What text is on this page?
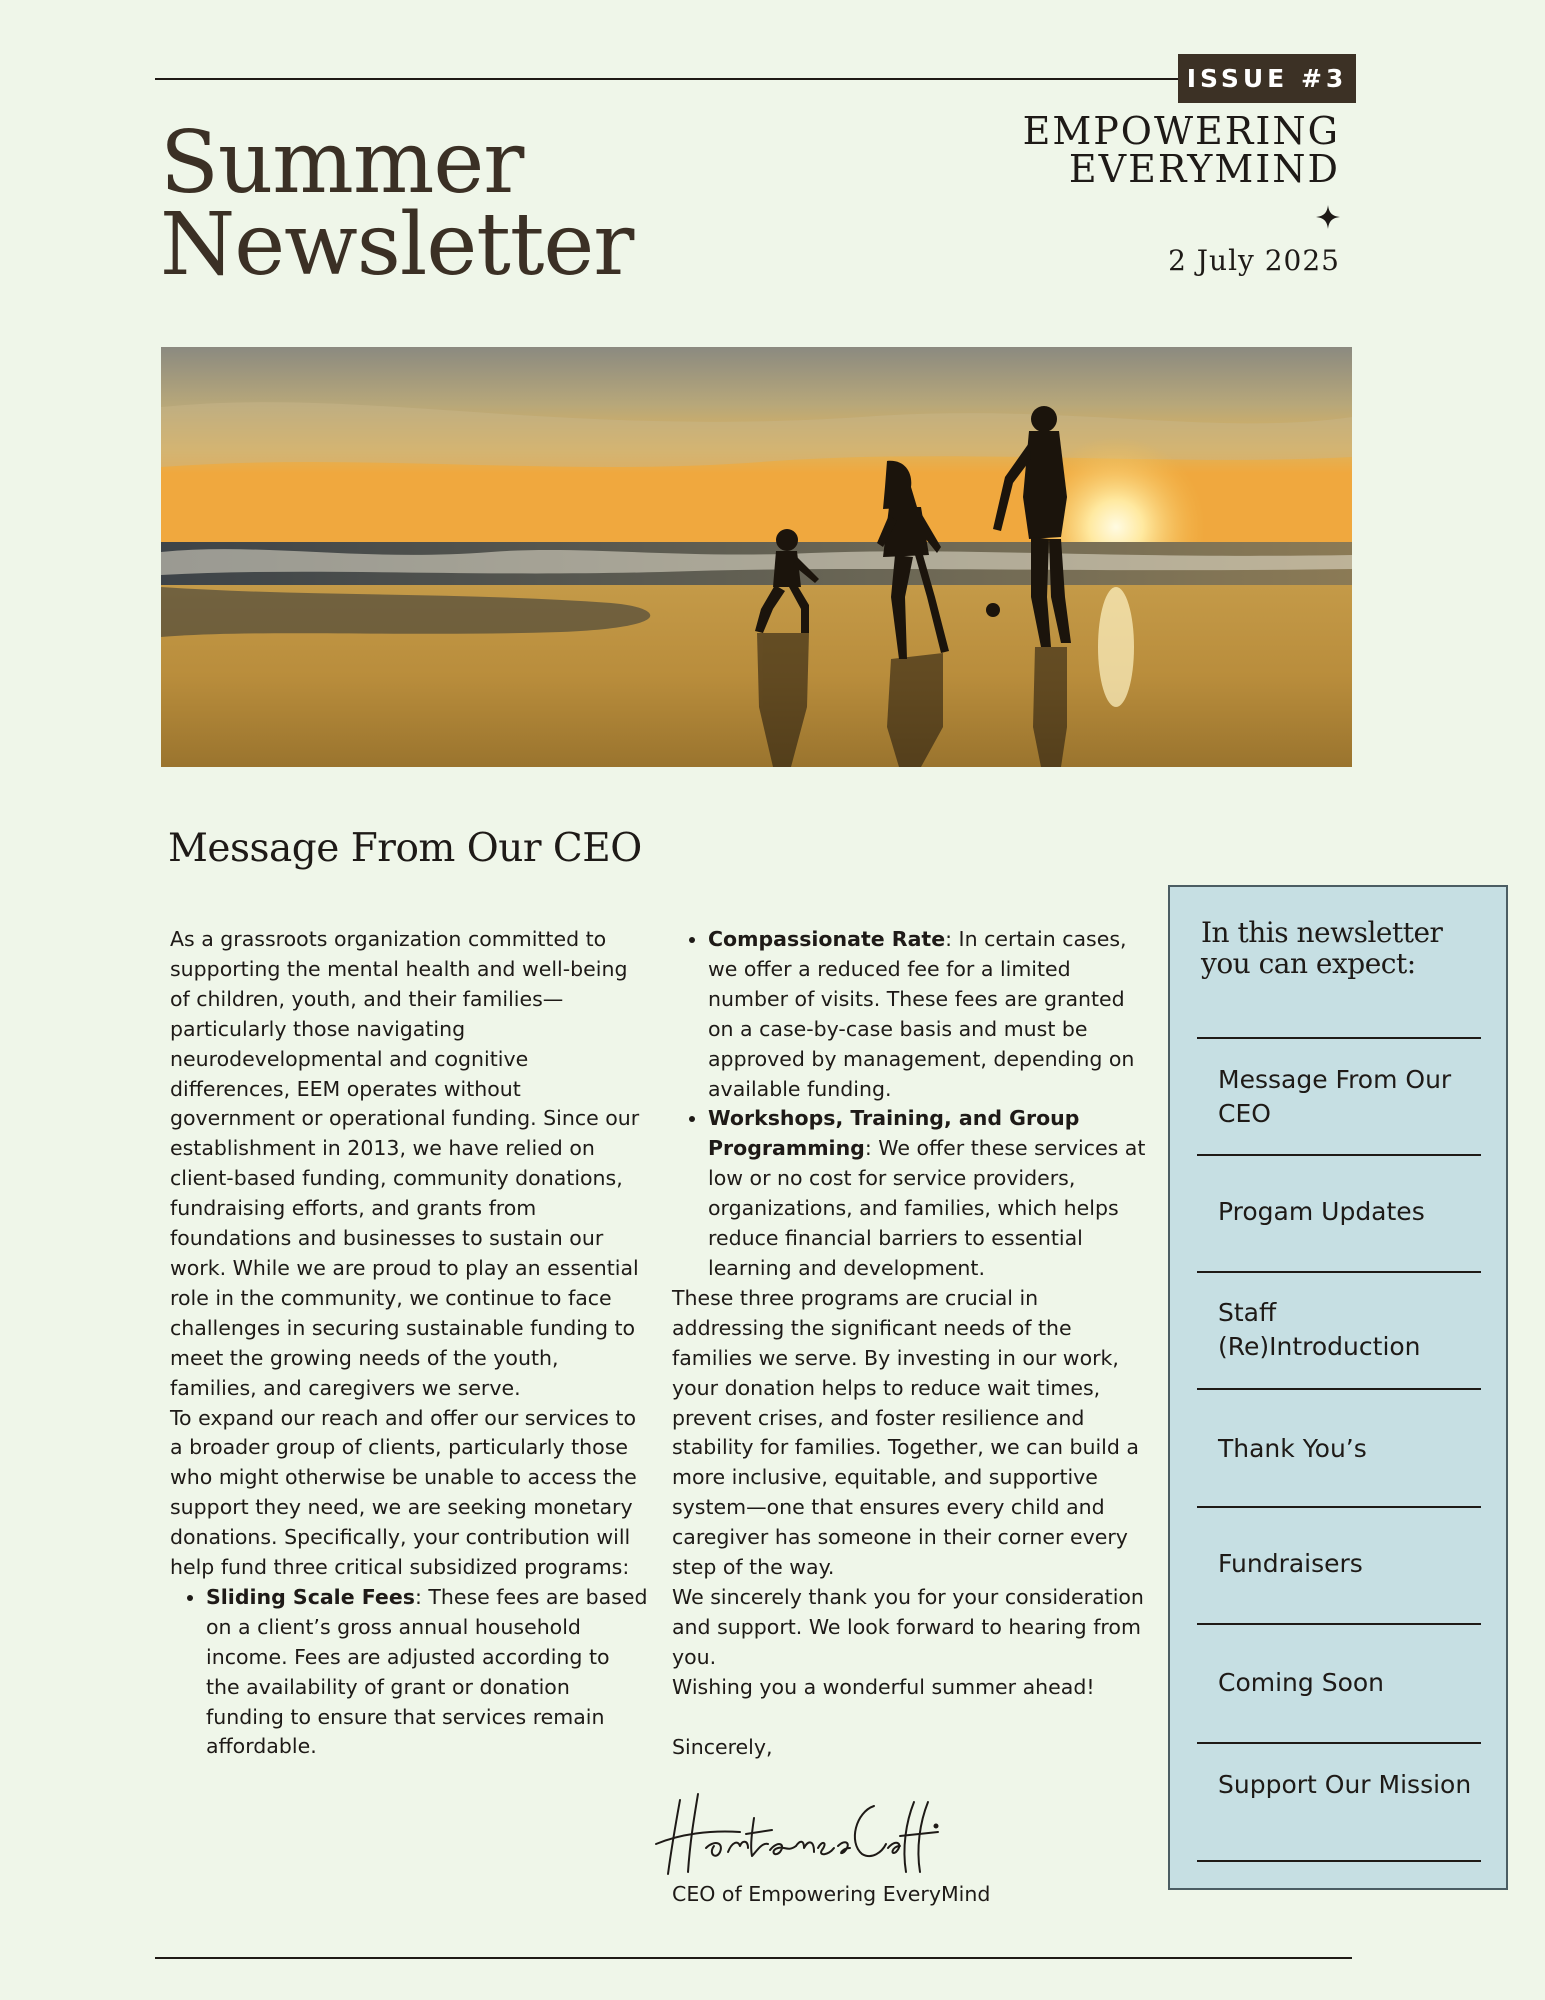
ISSUE #3
Summer
Newsletter
EMPOWERING
EVERYMIND
2 July 2025
Message From Our CEO

As a grassroots organization committed to supporting the mental health and well-being of children, youth, and their families—particularly those navigating neurodevelopmental and cognitive differences, EEM operates without government or operational funding. Since our establishment in 2013, we have relied on client-based funding, community donations, fundraising efforts, and grants from foundations and businesses to sustain our work. While we are proud to play an essential role in the community, we continue to face challenges in securing sustainable funding to meet the growing needs of the youth, families, and caregivers we serve.

To expand our reach and offer our services to a broader group of clients, particularly those who might otherwise be unable to access the support they need, we are seeking monetary donations. Specifically, your contribution will help fund three critical subsidized programs:

• Sliding Scale Fees: These fees are based on a client’s gross annual household income. Fees are adjusted according to the availability of grant or donation funding to ensure that services remain affordable.
• Compassionate Rate: In certain cases, we offer a reduced fee for a limited number of visits. These fees are granted on a case-by-case basis and must be approved by management, depending on available funding.
• Workshops, Training, and Group Programming: We offer these services at low or no cost for service providers, organizations, and families, which helps reduce financial barriers to essential learning and development.

These three programs are crucial in addressing the significant needs of the families we serve. By investing in our work, your donation helps to reduce wait times, prevent crises, and foster resilience and stability for families. Together, we can build a more inclusive, equitable, and supportive system—one that ensures every child and caregiver has someone in their corner every step of the way.

We sincerely thank you for your consideration and support. We look forward to hearing from you.

Wishing you a wonderful summer ahead!

Sincerely,

CEO of Empowering EveryMind
In this newsletter you can expect:
Message From Our CEO
Progam Updates
Staff (Re)Introduction
Thank You’s
Fundraisers
Coming Soon
Support Our Mission
